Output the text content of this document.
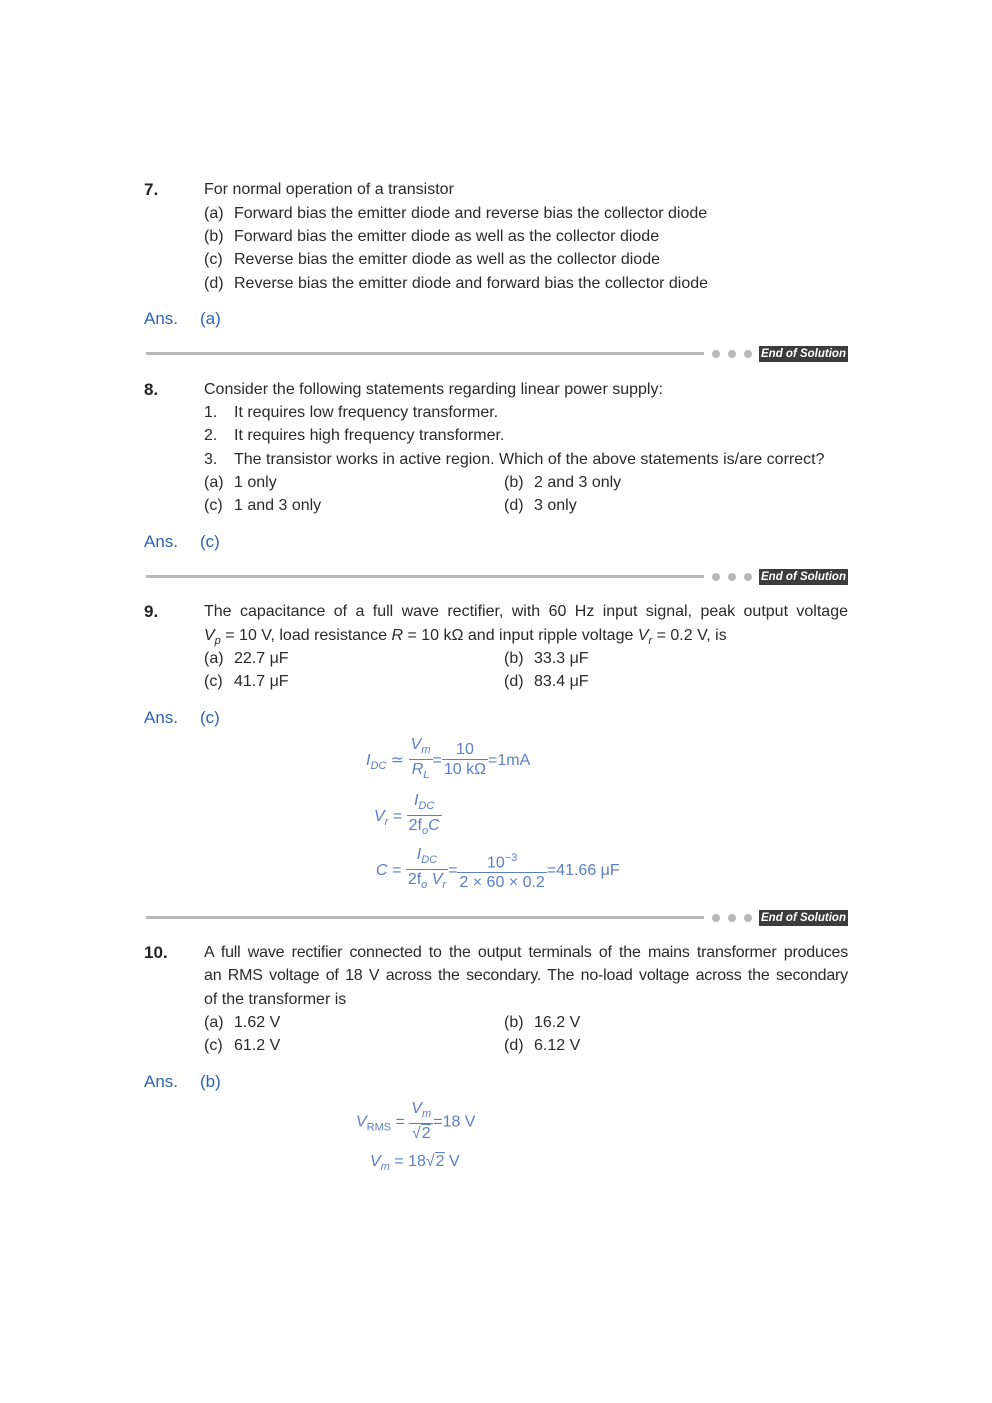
7.	For normal operation of a transistor
(a) Forward bias the emitter diode and reverse bias the collector diode
(b) Forward bias the emitter diode as well as the collector diode
(c) Reverse bias the emitter diode as well as the collector diode
(d) Reverse bias the emitter diode and forward bias the collector diode
Ans. (a)
End of Solution
8.	Consider the following statements regarding linear power supply:
1. It requires low frequency transformer.
2. It requires high frequency transformer.
3. The transistor works in active region. Which of the above statements is/are correct?
(a) 1 only	(b) 2 and 3 only
(c) 1 and 3 only	(d) 3 only
Ans. (c)
End of Solution
9.	The capacitance of a full wave rectifier, with 60 Hz input signal, peak output voltage
$V_p = 10$ V, load resistance R = 10 kΩ and input ripple voltage $V_r = 0.2$ V, is
(a) 22.7 μF	(b) 33.3 μF
(c) 41.7 μF	(d) 83.4 μF
Ans. (c)
$I_{DC}$ ≃ $\frac{V_m}{R_L} = \frac{10}{10 k\Omega} =1mA$
$V_r = \frac{I_{DC}}{2f_oC}$
$C = \frac{I_{DC}}{2f_o V_r} = \frac{10^{-3}}{2 \times 60 \times 0.2} =41.66$ μF
End of Solution
10. A full wave rectifier connected to the output terminals of the mains transformer produces
an RMS voltage of 18 V across the secondary. The no-load voltage across the secondary
of the transformer is
(a) 1.62 V	(b) 16.2 V
(c) 61.2 V	(d) 6.12 V
Ans. (b)
$V_{RMS} = \frac{V_m}{√2} =18$ V
$V_m = 18√2$ V
